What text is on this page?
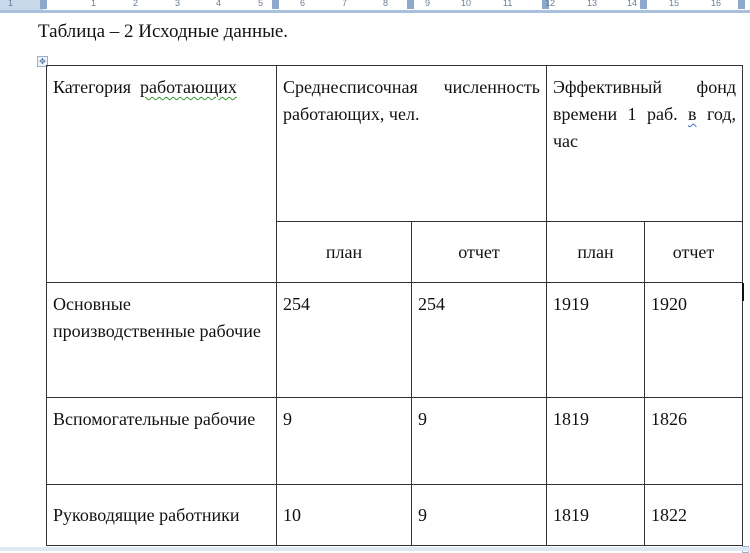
1	1	2	3	4	5	6	7	8	9	10	11	12	13	14	15	16
Таблица – 2 Исходные данные.
✥
Категория работающих	Среднесписочная численность работающих, чел.		Эффективный фонд времени 1 раб. в год, час	
	план	отчет	план	отчет
Основные производственные рабочие	254	254	1919	1920
Вспомогательные рабочие	9	9	1819	1826
Руководящие работники	10	9	1819	1822
